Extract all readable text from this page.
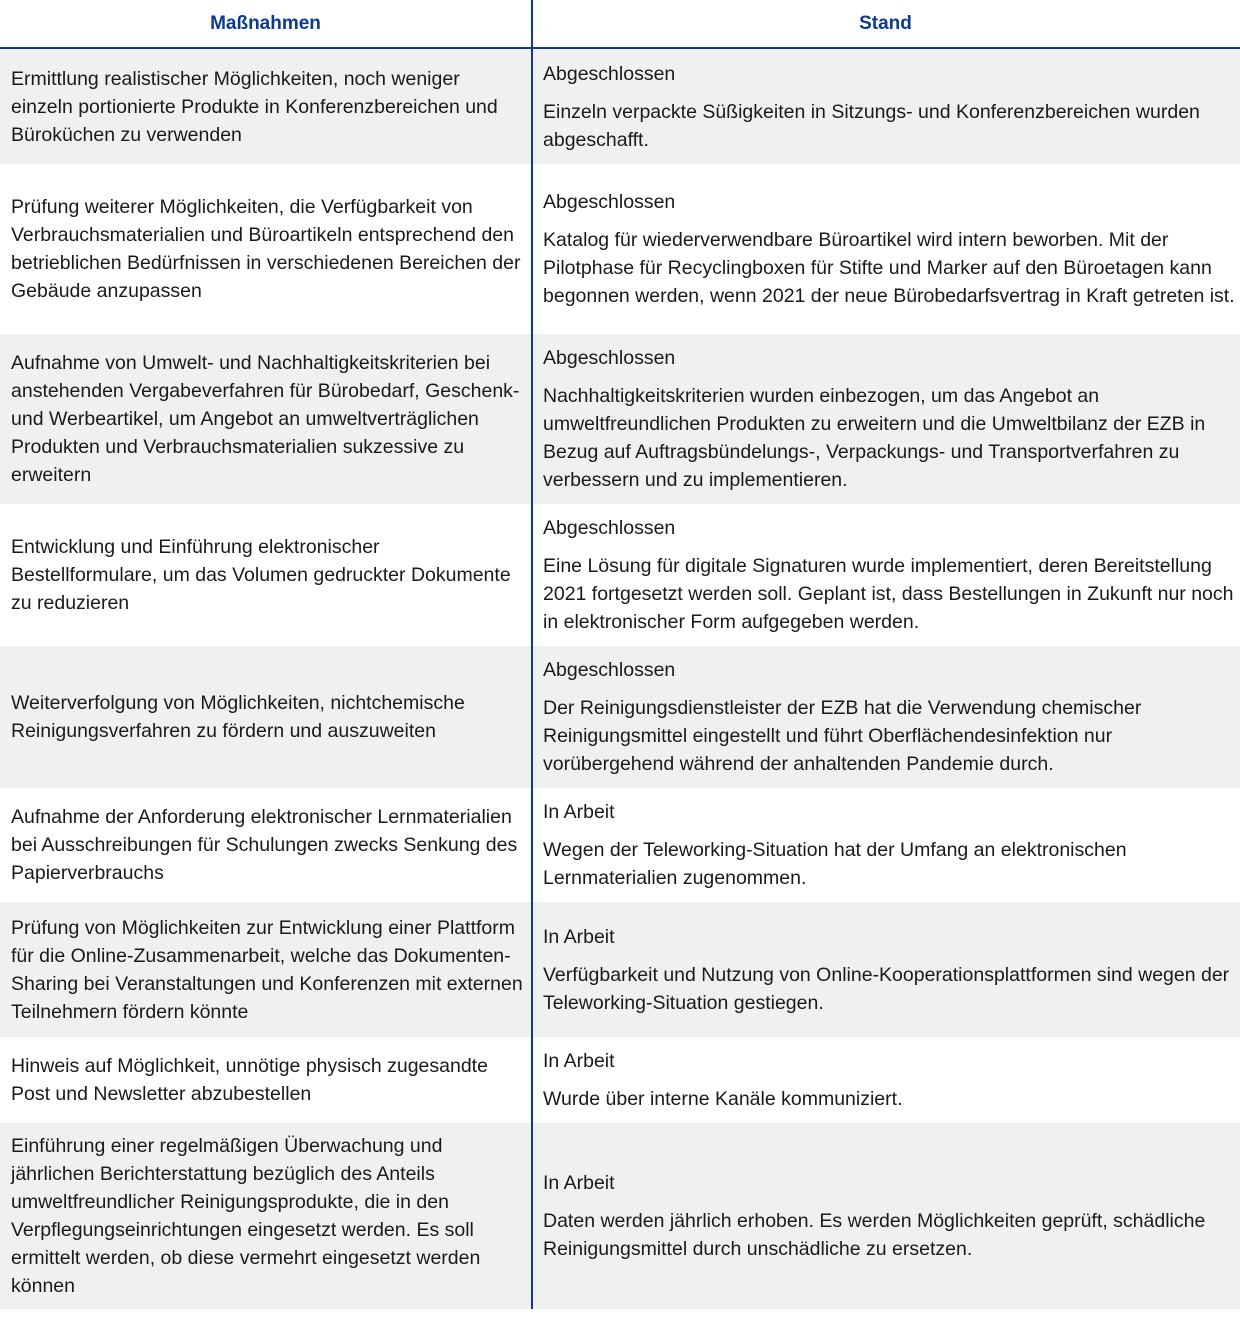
Maßnahmen	Stand
Ermittlung realistischer Möglichkeiten, noch weniger einzeln portionierte Produkte in Konferenzbereichen und Büroküchen zu verwenden
Abgeschlossen
Einzeln verpackte Süßigkeiten in Sitzungs- und Konferenzbereichen wurden abgeschafft.
Prüfung weiterer Möglichkeiten, die Verfügbarkeit von Verbrauchsmaterialien und Büroartikeln entsprechend den betrieblichen Bedürfnissen in verschiedenen Bereichen der Gebäude anzupassen
Abgeschlossen
Katalog für wiederverwendbare Büroartikel wird intern beworben. Mit der Pilotphase für Recyclingboxen für Stifte und Marker auf den Büroetagen kann begonnen werden, wenn 2021 der neue Bürobedarfsvertrag in Kraft getreten ist.
Aufnahme von Umwelt- und Nachhaltigkeitskriterien bei anstehenden Vergabeverfahren für Bürobedarf, Geschenk- und Werbeartikel, um Angebot an umweltverträglichen Produkten und Verbrauchsmaterialien sukzessive zu erweitern
Abgeschlossen
Nachhaltigkeitskriterien wurden einbezogen, um das Angebot an umweltfreundlichen Produkten zu erweitern und die Umweltbilanz der EZB in Bezug auf Auftragsbündelungs-, Verpackungs- und Transportverfahren zu verbessern und zu implementieren.
Entwicklung und Einführung elektronischer Bestellformulare, um das Volumen gedruckter Dokumente zu reduzieren
Abgeschlossen
Eine Lösung für digitale Signaturen wurde implementiert, deren Bereitstellung 2021 fortgesetzt werden soll. Geplant ist, dass Bestellungen in Zukunft nur noch in elektronischer Form aufgegeben werden.
Weiterverfolgung von Möglichkeiten, nichtchemische Reinigungsverfahren zu fördern und auszuweiten
Abgeschlossen
Der Reinigungsdienstleister der EZB hat die Verwendung chemischer Reinigungsmittel eingestellt und führt Oberflächendesinfektion nur vorübergehend während der anhaltenden Pandemie durch.
Aufnahme der Anforderung elektronischer Lernmaterialien bei Ausschreibungen für Schulungen zwecks Senkung des Papierverbrauchs
In Arbeit
Wegen der Teleworking-Situation hat der Umfang an elektronischen Lernmaterialien zugenommen.
Prüfung von Möglichkeiten zur Entwicklung einer Plattform für die Online-Zusammenarbeit, welche das Dokumenten-Sharing bei Veranstaltungen und Konferenzen mit externen Teilnehmern fördern könnte
In Arbeit
Verfügbarkeit und Nutzung von Online-Kooperationsplattformen sind wegen der Teleworking-Situation gestiegen.
Hinweis auf Möglichkeit, unnötige physisch zugesandte Post und Newsletter abzubestellen
In Arbeit
Wurde über interne Kanäle kommuniziert.
Einführung einer regelmäßigen Überwachung und jährlichen Berichterstattung bezüglich des Anteils umweltfreundlicher Reinigungsprodukte, die in den Verpflegungseinrichtungen eingesetzt werden. Es soll ermittelt werden, ob diese vermehrt eingesetzt werden können
In Arbeit
Daten werden jährlich erhoben. Es werden Möglichkeiten geprüft, schädliche Reinigungsmittel durch unschädliche zu ersetzen.
